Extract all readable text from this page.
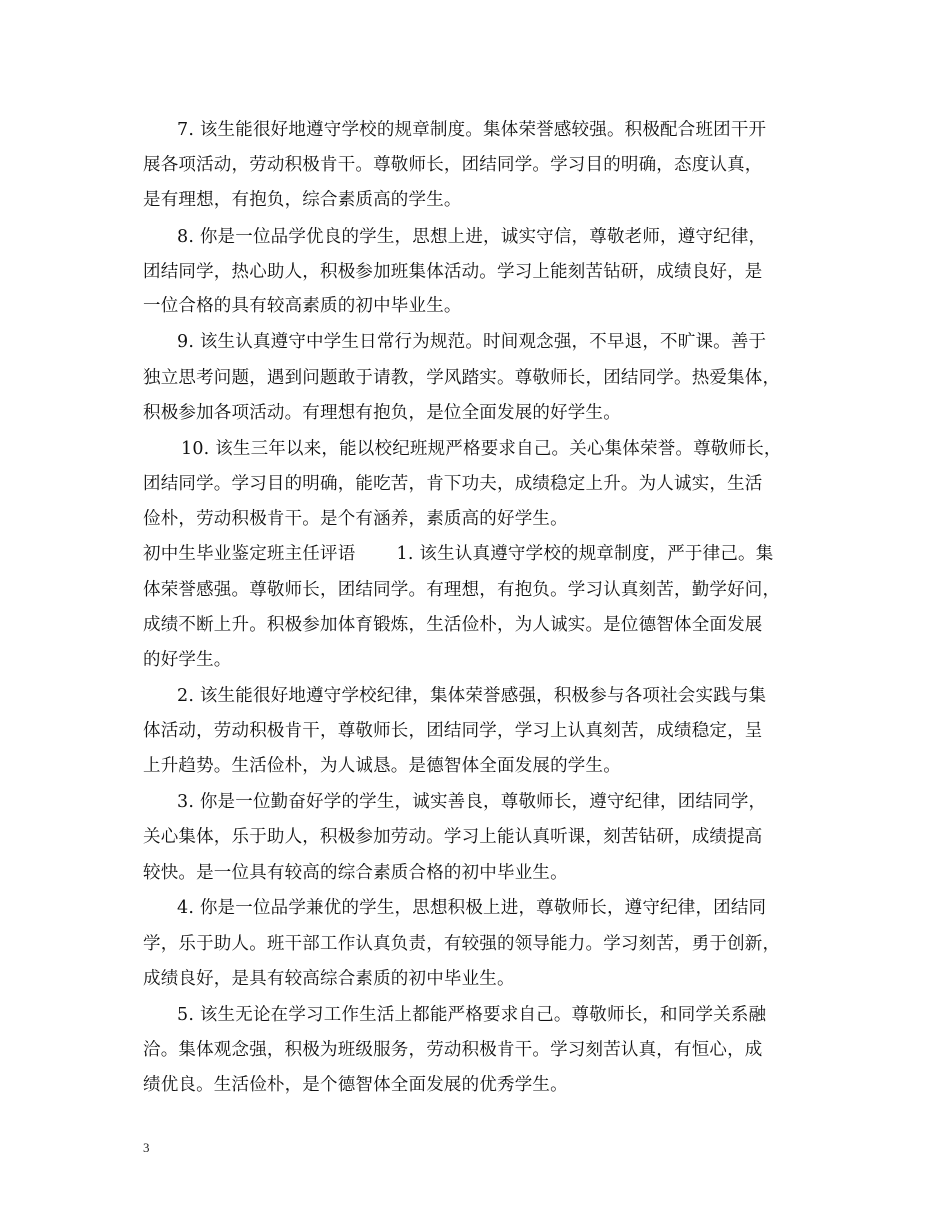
7. 该生能很好地遵守学校的规章制度。集体荣誉感较强。积极配合班团干开
展各项活动，劳动积极肯干。尊敬师长，团结同学。学习目的明确，态度认真，
是有理想，有抱负，综合素质高的学生。
8. 你是一位品学优良的学生，思想上进，诚实守信，尊敬老师，遵守纪律，
团结同学，热心助人，积极参加班集体活动。学习上能刻苦钻研，成绩良好，是
一位合格的具有较高素质的初中毕业生。
9. 该生认真遵守中学生日常行为规范。时间观念强，不早退，不旷课。善于
独立思考问题，遇到问题敢于请教，学风踏实。尊敬师长，团结同学。热爱集体，
积极参加各项活动。有理想有抱负，是位全面发展的好学生。
10. 该生三年以来，能以校纪班规严格要求自己。关心集体荣誉。尊敬师长，
团结同学。学习目的明确，能吃苦，肯下功夫，成绩稳定上升。为人诚实，生活
俭朴，劳动积极肯干。是个有涵养，素质高的好学生。
初中生毕业鉴定班主任评语 　　1. 该生认真遵守学校的规章制度，严于律己。集
体荣誉感强。尊敬师长，团结同学。有理想，有抱负。学习认真刻苦，勤学好问，
成绩不断上升。积极参加体育锻炼，生活俭朴，为人诚实。是位德智体全面发展
的好学生。
2. 该生能很好地遵守学校纪律，集体荣誉感强，积极参与各项社会实践与集
体活动，劳动积极肯干，尊敬师长，团结同学，学习上认真刻苦，成绩稳定，呈
上升趋势。生活俭朴，为人诚恳。是德智体全面发展的学生。
3. 你是一位勤奋好学的学生，诚实善良，尊敬师长，遵守纪律，团结同学，
关心集体，乐于助人，积极参加劳动。学习上能认真听课，刻苦钻研，成绩提高
较快。是一位具有较高的综合素质合格的初中毕业生。
4. 你是一位品学兼优的学生，思想积极上进，尊敬师长，遵守纪律，团结同
学，乐于助人。班干部工作认真负责，有较强的领导能力。学习刻苦，勇于创新，
成绩良好，是具有较高综合素质的初中毕业生。
5. 该生无论在学习工作生活上都能严格要求自己。尊敬师长，和同学关系融
洽。集体观念强，积极为班级服务，劳动积极肯干。学习刻苦认真，有恒心，成
绩优良。生活俭朴，是个德智体全面发展的优秀学生。
3
